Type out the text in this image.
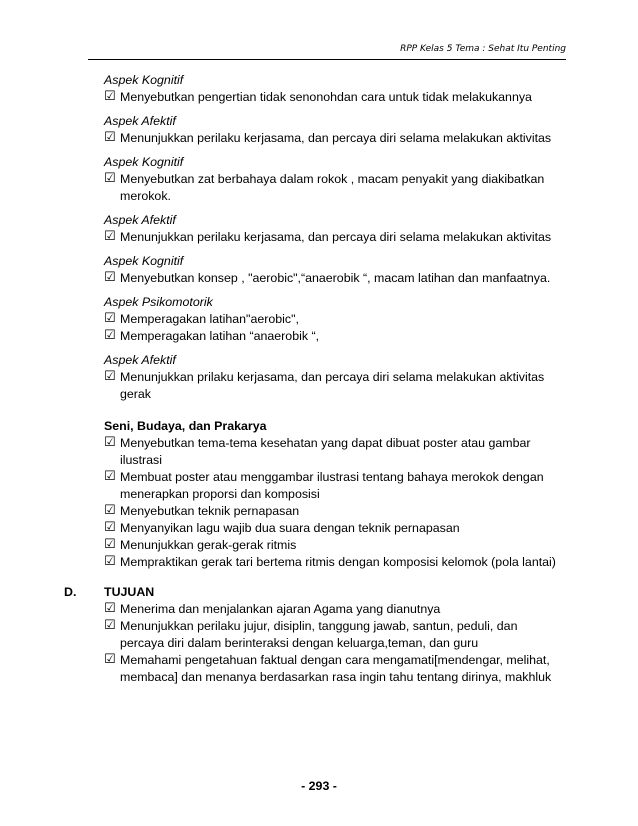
RPP Kelas 5 Tema : Sehat Itu Penting
Aspek Kognitif
☑ Menyebutkan pengertian tidak senonohdan cara untuk tidak melakukannya
Aspek Afektif
☑ Menunjukkan perilaku kerjasama, dan percaya diri selama melakukan aktivitas
Aspek Kognitif
☑ Menyebutkan zat berbahaya dalam rokok , macam penyakit yang diakibatkan merokok.
Aspek Afektif
☑ Menunjukkan perilaku kerjasama, dan percaya diri selama melakukan aktivitas
Aspek Kognitif
☑ Menyebutkan konsep , "aerobic",“anaerobik “, macam latihan dan manfaatnya.
Aspek Psikomotorik
☑ Memperagakan latihan"aerobic",
☑ Memperagakan latihan “anaerobik “,
Aspek Afektif
☑ Menunjukkan prilaku kerjasama, dan percaya diri selama melakukan aktivitas gerak
Seni, Budaya, dan Prakarya
☑ Menyebutkan tema-tema kesehatan yang dapat dibuat poster atau gambar ilustrasi
☑ Membuat poster atau menggambar ilustrasi tentang bahaya merokok dengan menerapkan proporsi dan komposisi
☑ Menyebutkan teknik pernapasan
☑ Menyanyikan lagu wajib dua suara dengan teknik pernapasan
☑ Menunjukkan gerak-gerak ritmis
☑ Mempraktikan gerak tari bertema ritmis dengan komposisi kelomok (pola lantai)
D. TUJUAN
☑ Menerima dan menjalankan ajaran Agama yang dianutnya
☑ Menunjukkan perilaku jujur, disiplin, tanggung jawab, santun, peduli, dan percaya diri dalam berinteraksi dengan keluarga,teman, dan guru
☑ Memahami pengetahuan faktual dengan cara mengamati[mendengar, melihat, membaca] dan menanya berdasarkan rasa ingin tahu tentang dirinya, makhluk
- 293 -
